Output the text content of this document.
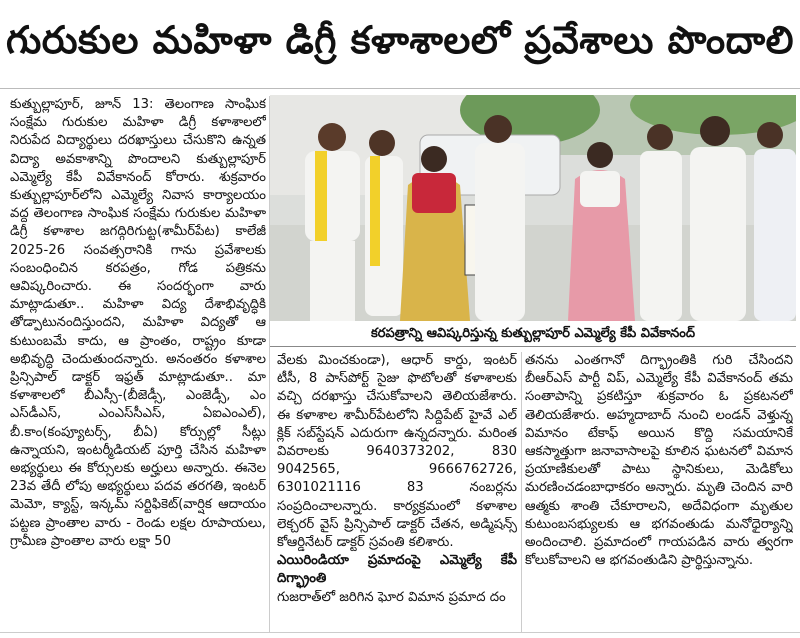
గురుకుల మహిళా డిగ్రీ కళాశాలలో ప్రవేశాలు పొందాలి

కుత్బుల్లాపూర్, జూన్ 13: తెలంగాణ సాంఘిక సంక్షేమ గురుకుల మహిళా డిగ్రీ కళాశాలలో నిరుపేద విద్యార్థులు దరఖాస్తులు చేసుకొని ఉన్నత విద్యా అవకాశాన్ని పొందాలని కుత్బుల్లాపూర్ ఎమ్మెల్యే కేపీ వివేకానంద్ కోరారు. శుక్రవారం కుత్బుల్లాపూర్‌లోని ఎమ్మెల్యే నివాస కార్యాలయం వద్ద తెలంగాణ సాంఘిక సంక్షేమ గురుకుల మహిళా డిగ్రీ కళాశాల జగద్గిరిగుట్ట(శామీర్‌పేట) కాలేజీ 2025-26 సంవత్సరానికి గాను ప్రవేశాలకు సంబంధించిన కరపత్రం, గోడ పత్రికను ఆవిష్కరించారు. ఈ సందర్భంగా వారు మాట్లాడుతూ.. మహిళా విద్య దేశాభివృద్ధికి తోడ్పాటునందిస్తుందని, మహిళా విద్యతో ఆ కుటుంబమే కాదు, ఆ ప్రాంతం, రాష్ట్రం కూడా అభివృద్ధి చెందుతుందన్నారు. అనంతరం కళాశాల ప్రిన్సిపాల్ డాక్టర్ ఇఫ్రత్ మాట్లాడుతూ.. మా కళాశాలలో బీఎస్సీ-(బీజెడ్సీ, ఎంజెడ్సీ, ఎం ఎస్‌డీఎస్, ఎంఎస్‌సీఎస్, ఏఐఎంఎల్), బీ.కాం(కంప్యూటర్స్, బీఏ) కోర్సుల్లో సీట్లు ఉన్నాయని, ఇంటర్మీడియట్ పూర్తి చేసిన మహిళా అభ్యర్థులు ఈ కోర్సులకు అర్హులు అన్నారు. ఈనెల 23వ తేదీ లోపు అభ్యర్థులు పదవ తరగతి, ఇంటర్ మెమో, క్యాస్ట్, ఇన్కమ్ సర్టిఫికెట్(వార్షిక ఆదాయం పట్టణ ప్రాంతాల వారు - రెండు లక్షల రూపాయలు, గ్రామీణ ప్రాంతాల వారు లక్షా 50

కరపత్రాన్ని ఆవిష్కరిస్తున్న కుత్బుల్లాపూర్ ఎమ్మెల్యే కేపీ వివేకానంద్

వేలకు మించకుండా), ఆధార్ కార్డు, ఇంటర్ టీసీ, 8 పాస్‌పోర్ట్ సైజు ఫొటోలతో కళాశాలకు వచ్చి దరఖాస్తు చేసుకోవాలని తెలియజేశారు. ఈ కళాశాల శామీర్‌పేటలోని సిద్దిపేట్ హైవే ఎల్ క్లిక్ సబ్‌స్టేషన్ ఎదురుగా ఉన్నదన్నారు. మరింత వివరాలకు 9640373202, 830 9042565, 9666762726, 6301021116 83 నంబర్లను సంప్రదించాలన్నారు. కార్యక్రమంలో కళాశాల లెక్చరర్ వైస్ ప్రిన్సిపాల్ డాక్టర్ చేతన, అడ్మిషన్స్ కోఆర్డినేటర్ డాక్టర్ స్రవంతి కలిశారు.

ఎయిరిండియా ప్రమాదంపై ఎమ్మెల్యే కేపీ దిగ్భ్రాంతి

గుజరాత్‌లో జరిగిన ఘోర విమాన ప్రమాద దం

తనను ఎంతగానో దిగ్భ్రాంతికి గురి చేసిందని బీఆర్ఎస్ పార్టీ విప్, ఎమ్మెల్యే కేపీ వివేకానంద్ తమ సంతాపాన్ని ప్రకటిస్తూ శుక్రవారం ఓ ప్రకటనలో తెలియజేశారు. అహ్మదాబాద్ నుంచి లండన్ వెళ్తున్న విమానం టేకాఫ్ అయిన కొద్ది సమయానికే ఆకస్మాత్తుగా జనావాసాలపై కూలిన ఘటనలో విమాన ప్రయాణికులతో పాటు స్థానికులు, మెడికోలు మరణించడంబాధాకరం అన్నారు. మృతి చెందిన వారి ఆత్మకు శాంతి చేకూరాలని, అదేవిధంగా మృతుల కుటుంబసభ్యులకు ఆ భగవంతుడు మనోధైర్యాన్ని అందించాలి. ప్రమాదంలో గాయపడిన వారు త్వరగా కోలుకోవాలని ఆ భగవంతుడిని ప్రార్థిస్తున్నాను.
